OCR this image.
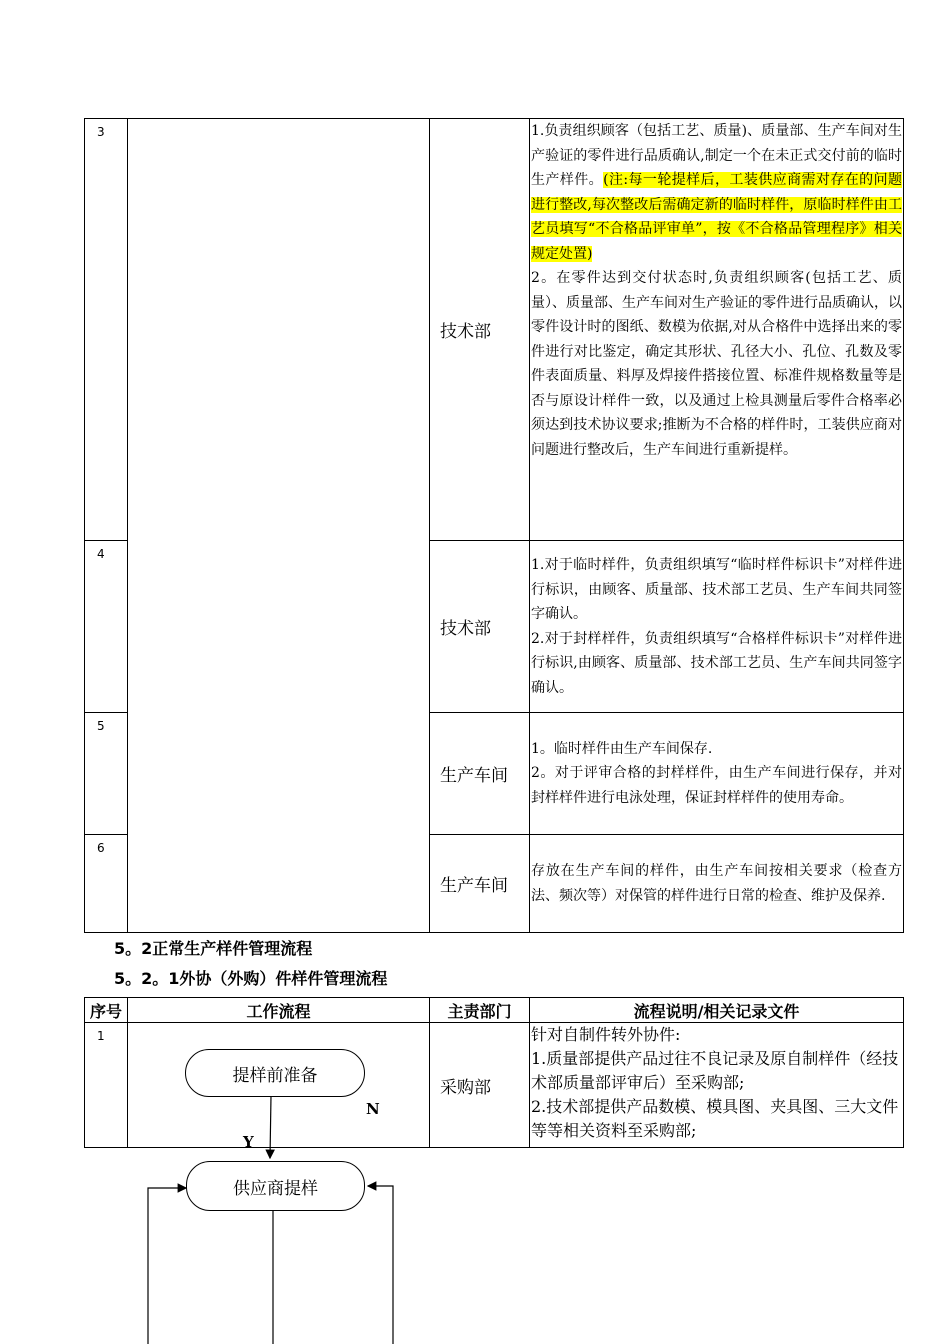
3		技术部	1.负责组织顾客（包括工艺、质量)、质量部、生产车间对生产验证的零件进行品质确认,制定一个在未正式交付前的临时生产样件。(注:每一轮提样后，工装供应商需对存在的问题进行整改,每次整改后需确定新的临时样件，原临时样件由工艺员填写“不合格品评审单”，按《不合格品管理程序》相关规定处置)
2。在零件达到交付状态时,负责组织顾客(包括工艺、质量）、质量部、生产车间对生产验证的零件进行品质确认，以零件设计时的图纸、数模为依据,对从合格件中选择出来的零件进行对比鉴定，确定其形状、孔径大小、孔位、孔数及零件表面质量、料厚及焊接件搭接位置、标准件规格数量等是否与原设计样件一致，以及通过上检具测量后零件合格率必须达到技术协议要求;推断为不合格的样件时，工装供应商对问题进行整改后，生产车间进行重新提样。
4		技术部	1.对于临时样件，负责组织填写“临时样件标识卡”对样件进行标识，由顾客、质量部、技术部工艺员、生产车间共同签字确认。
2.对于封样样件，负责组织填写“合格样件标识卡”对样件进行标识,由顾客、质量部、技术部工艺员、生产车间共同签字确认。

5		生产车间	1。临时样件由生产车间保存.
2。对于评审合格的封样样件，由生产车间进行保存，并对封样样件进行电泳处理，保证封样样件的使用寿命。

6		生产车间	存放在生产车间的样件，由生产车间按相关要求（检查方法、频次等）对保管的样件进行日常的检查、维护及保养.
5。2正常生产样件管理流程
5。2。1外协（外购）件样件管理流程
序号	工作流程	主责部门	流程说明/相关记录文件
1		采购部	针对自制件转外协件:
1.质量部提供产品过往不良记录及原自制样件（经技术部质量部评审后）至采购部;
2.技术部提供产品数模、模具图、夹具图、三大文件等等相关资料至采购部;
提样前准备
供应商提样
N
Y
